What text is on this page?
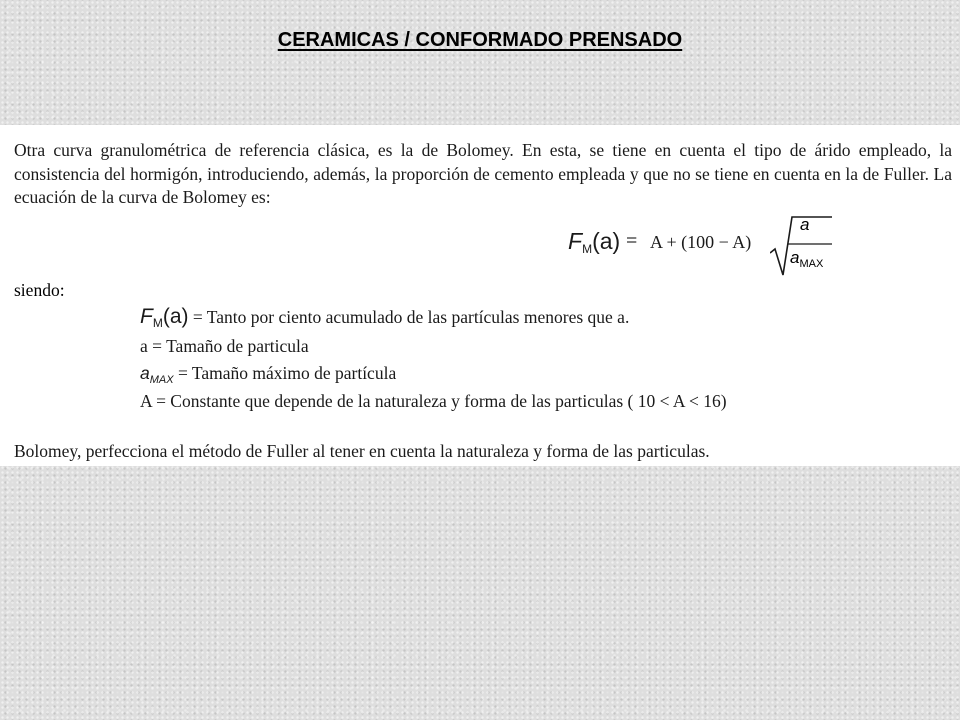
CERAMICAS / CONFORMADO PRENSADO

Otra curva granulométrica de referencia clásica, es la de Bolomey. En esta, se tiene en cuenta el tipo de árido empleado, la consistencia del hormigón, introduciendo, además, la proporción de cemento empleada y que no se tiene en cuenta en la de Fuller. La ecuación de la curva de Bolomey es:

$F_M(a) = A + (100 - A)$
a
$a_{MAX}$

siendo:

$F_M(a)$ = Tanto por ciento acumulado de las partículas menores que a.

a = Tamaño de particula

$a_{MAX}$ = Tamaño máximo de partícula

A = Constante que depende de la naturaleza y forma de las particulas ( 10 < A < 16)

Bolomey, perfecciona el método de Fuller al tener en cuenta la naturaleza y forma de las particulas.
